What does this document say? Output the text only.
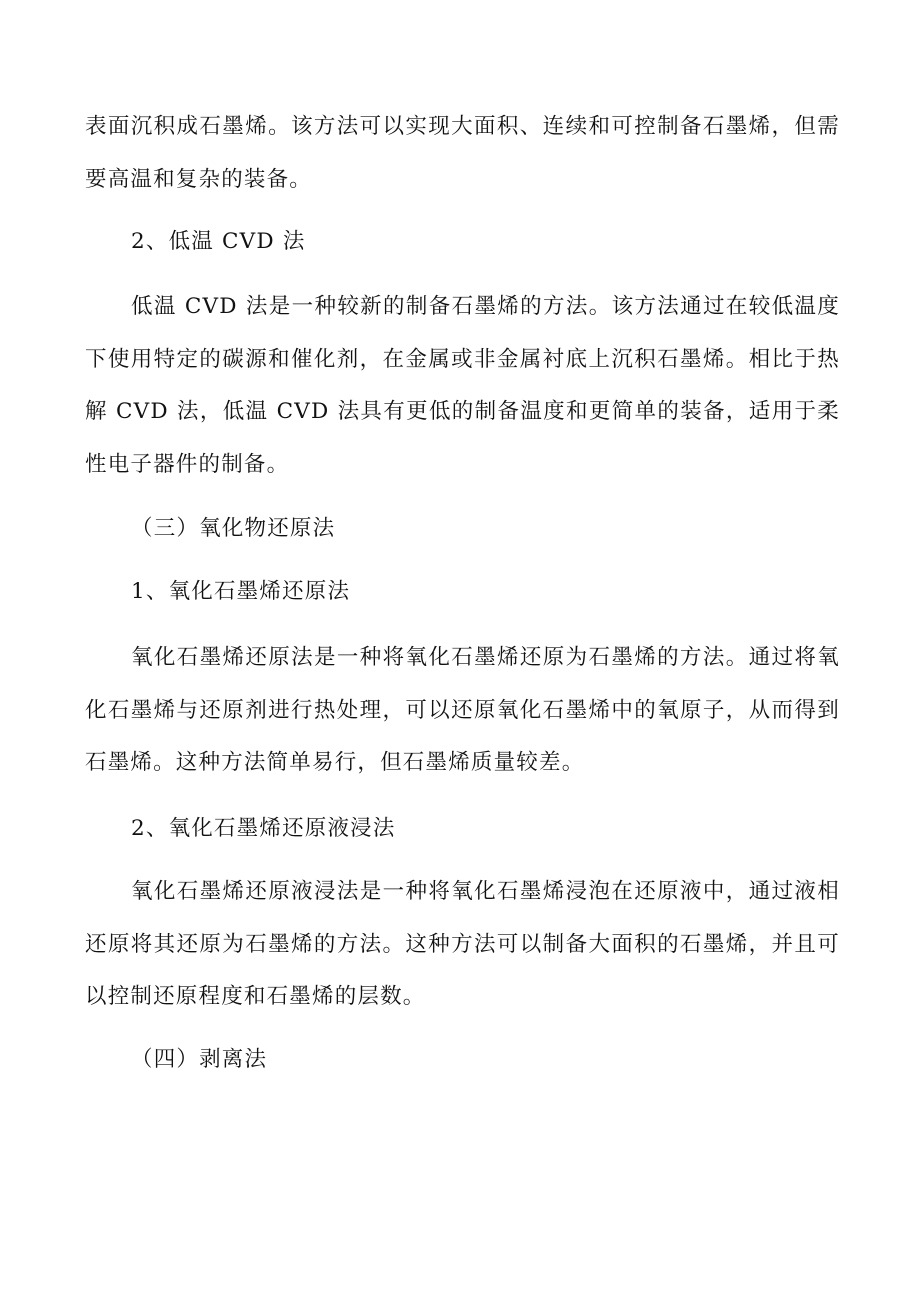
表面沉积成石墨烯。该方法可以实现大面积、连续和可控制备石墨烯，但需要高温和复杂的装备。

2、低温 CVD 法

低温 CVD 法是一种较新的制备石墨烯的方法。该方法通过在较低温度下使用特定的碳源和催化剂，在金属或非金属衬底上沉积石墨烯。相比于热解 CVD 法，低温 CVD 法具有更低的制备温度和更简单的装备，适用于柔性电子器件的制备。

（三）氧化物还原法

1、氧化石墨烯还原法

氧化石墨烯还原法是一种将氧化石墨烯还原为石墨烯的方法。通过将氧化石墨烯与还原剂进行热处理，可以还原氧化石墨烯中的氧原子，从而得到石墨烯。这种方法简单易行，但石墨烯质量较差。

2、氧化石墨烯还原液浸法

氧化石墨烯还原液浸法是一种将氧化石墨烯浸泡在还原液中，通过液相还原将其还原为石墨烯的方法。这种方法可以制备大面积的石墨烯，并且可以控制还原程度和石墨烯的层数。

（四）剥离法
